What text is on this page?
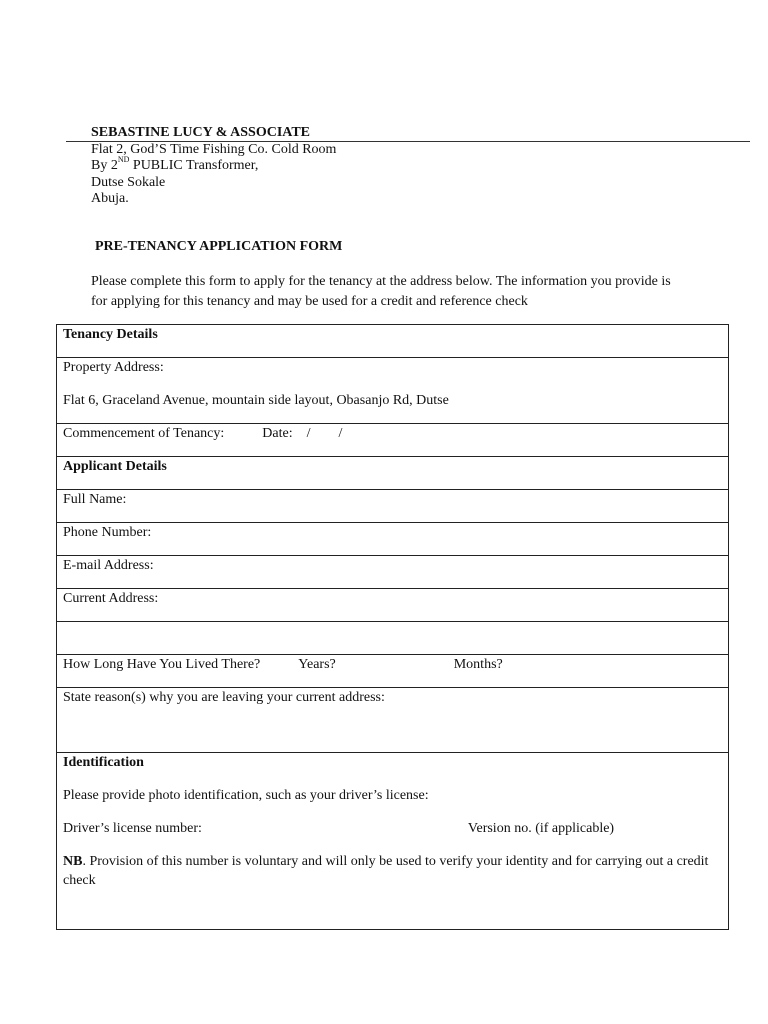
SEBASTINE LUCY & ASSOCIATE
Flat 2, God’S Time Fishing Co. Cold Room
By 2ND PUBLIC Transformer,
Dutse Sokale
Abuja.
PRE-TENANCY APPLICATION FORM
Please complete this form to apply for the tenancy at the address below. The information you provide is
for applying for this tenancy and may be used for a credit and reference check
Tenancy Details

Property Address:
Flat 6, Graceland Avenue, mountain side layout, Obasanjo Rd, Dutse

Commencement of Tenancy:	Date: / /
Applicant Details
Full Name:
Phone Number:
E-mail Address:
Current Address:

How Long Have You Lived There?	Years?	Months?
State reason(s) why you are leaving your current address:

Identification
Please provide photo identification, such as your driver’s license:
Driver’s license number:	Version no. (if applicable)
NB. Provision of this number is voluntary and will only be used to verify your identity and for carrying out a credit check
